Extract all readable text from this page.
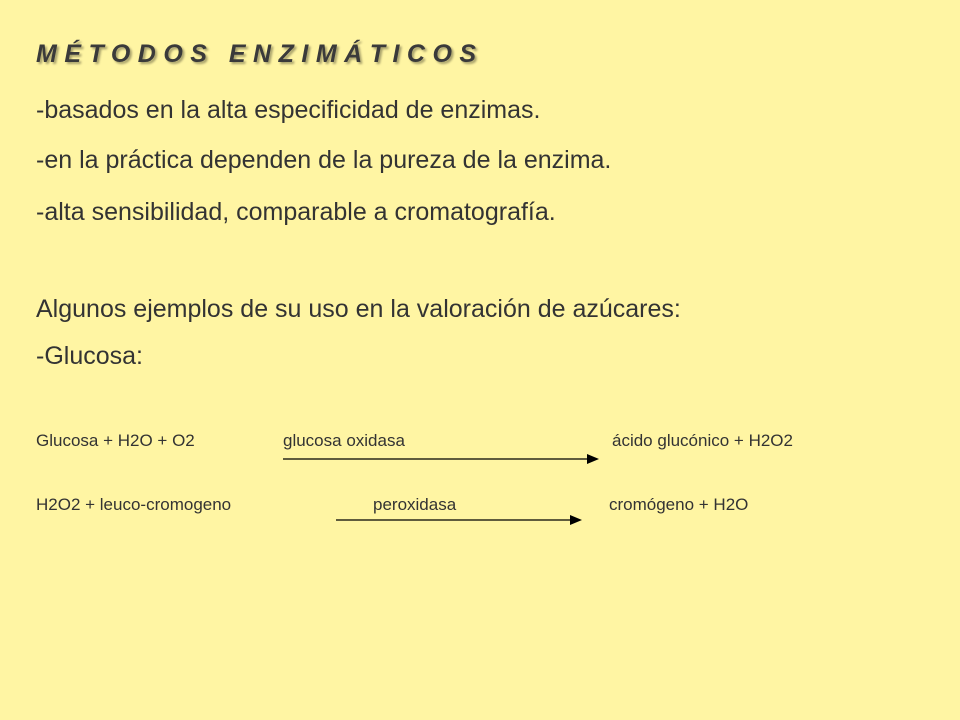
MÉTODOS ENZIMÁTICOS
-basados en la alta especificidad de enzimas.
-en la práctica dependen de la pureza de la enzima.
-alta sensibilidad, comparable a cromatografía.
Algunos ejemplos de su uso en la valoración de azúcares:
-Glucosa:
Glucosa + H2O + O2	glucosa oxidasa	ácido glucónico + H2O2
H2O2 + leuco-cromogeno	peroxidasa	cromógeno + H2O
